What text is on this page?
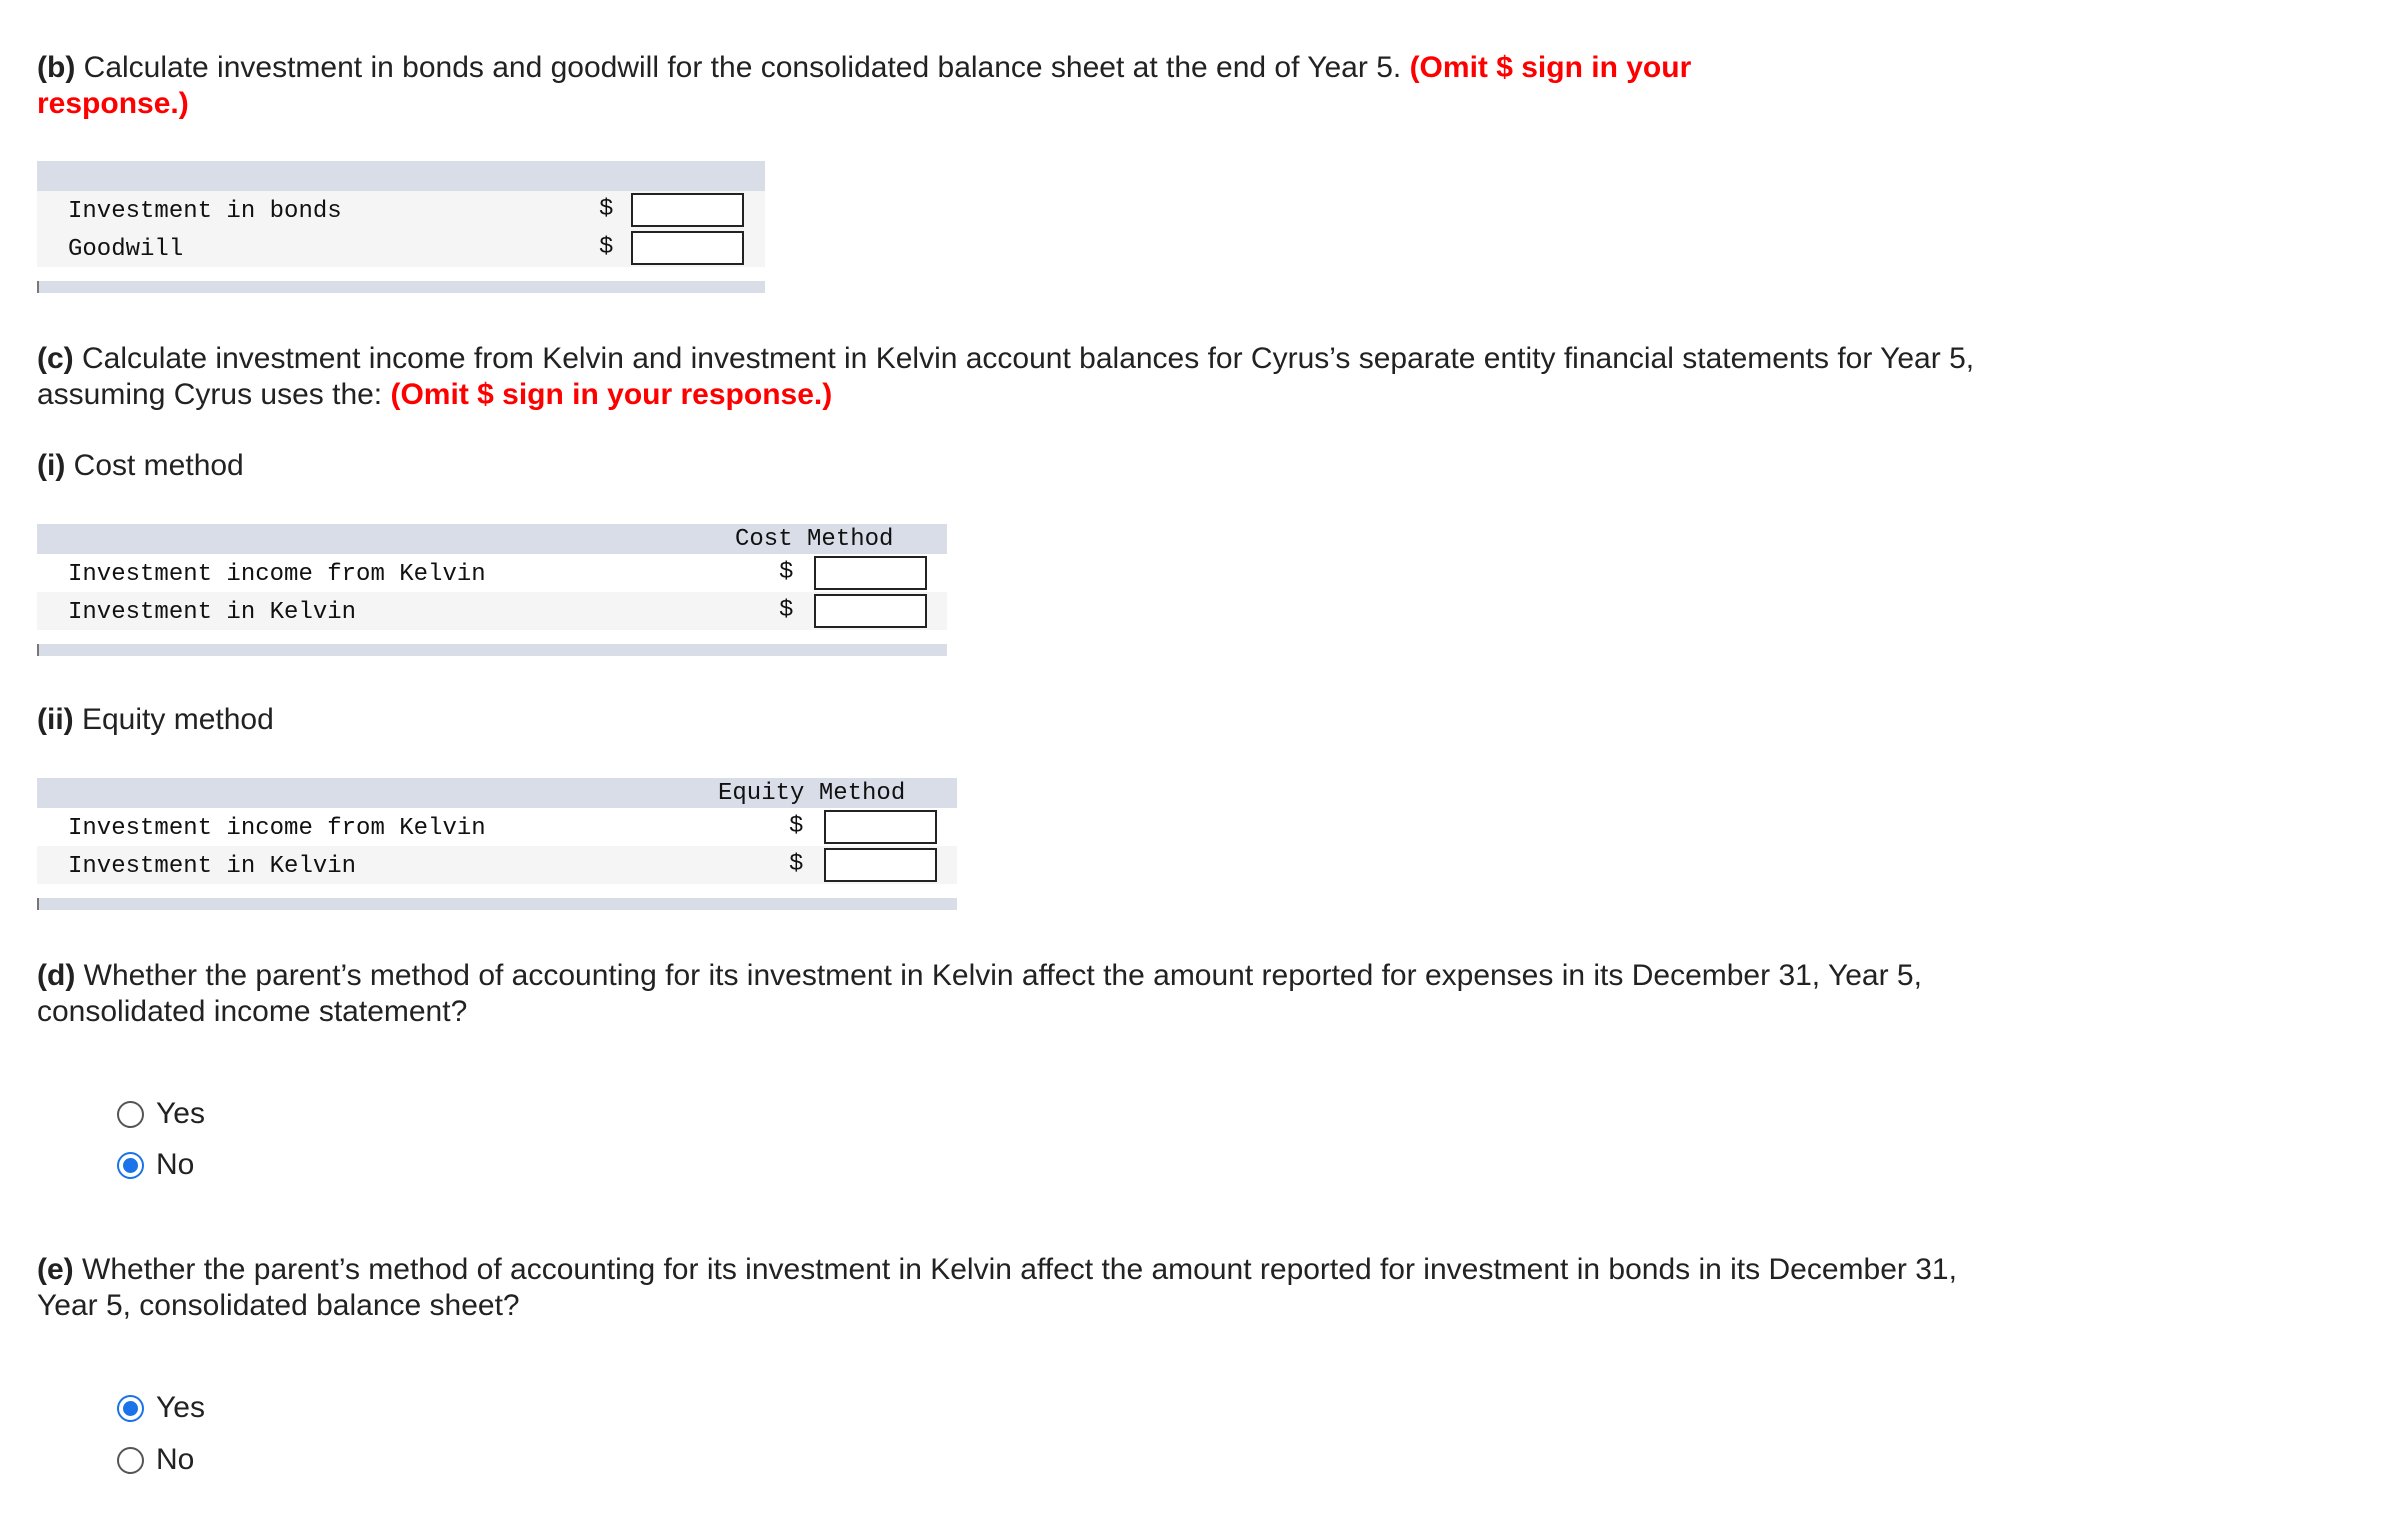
(b) Calculate investment in bonds and goodwill for the consolidated balance sheet at the end of Year 5. (Omit $ sign in your response.)

Investment in bonds	$
Goodwill	$

(c) Calculate investment income from Kelvin and investment in Kelvin account balances for Cyrus’s separate entity financial statements for Year 5, assuming Cyrus uses the: (Omit $ sign in your response.)

(i) Cost method
Cost Method
Investment income from Kelvin	$
Investment in Kelvin	$
(ii) Equity method
Equity Method
Investment income from Kelvin	$
Investment in Kelvin	$

(d) Whether the parent’s method of accounting for its investment in Kelvin affect the amount reported for expenses in its December 31, Year 5, consolidated income statement?

Yes
No

(e) Whether the parent’s method of accounting for its investment in Kelvin affect the amount reported for investment in bonds in its December 31, Year 5, consolidated balance sheet?

Yes
No
